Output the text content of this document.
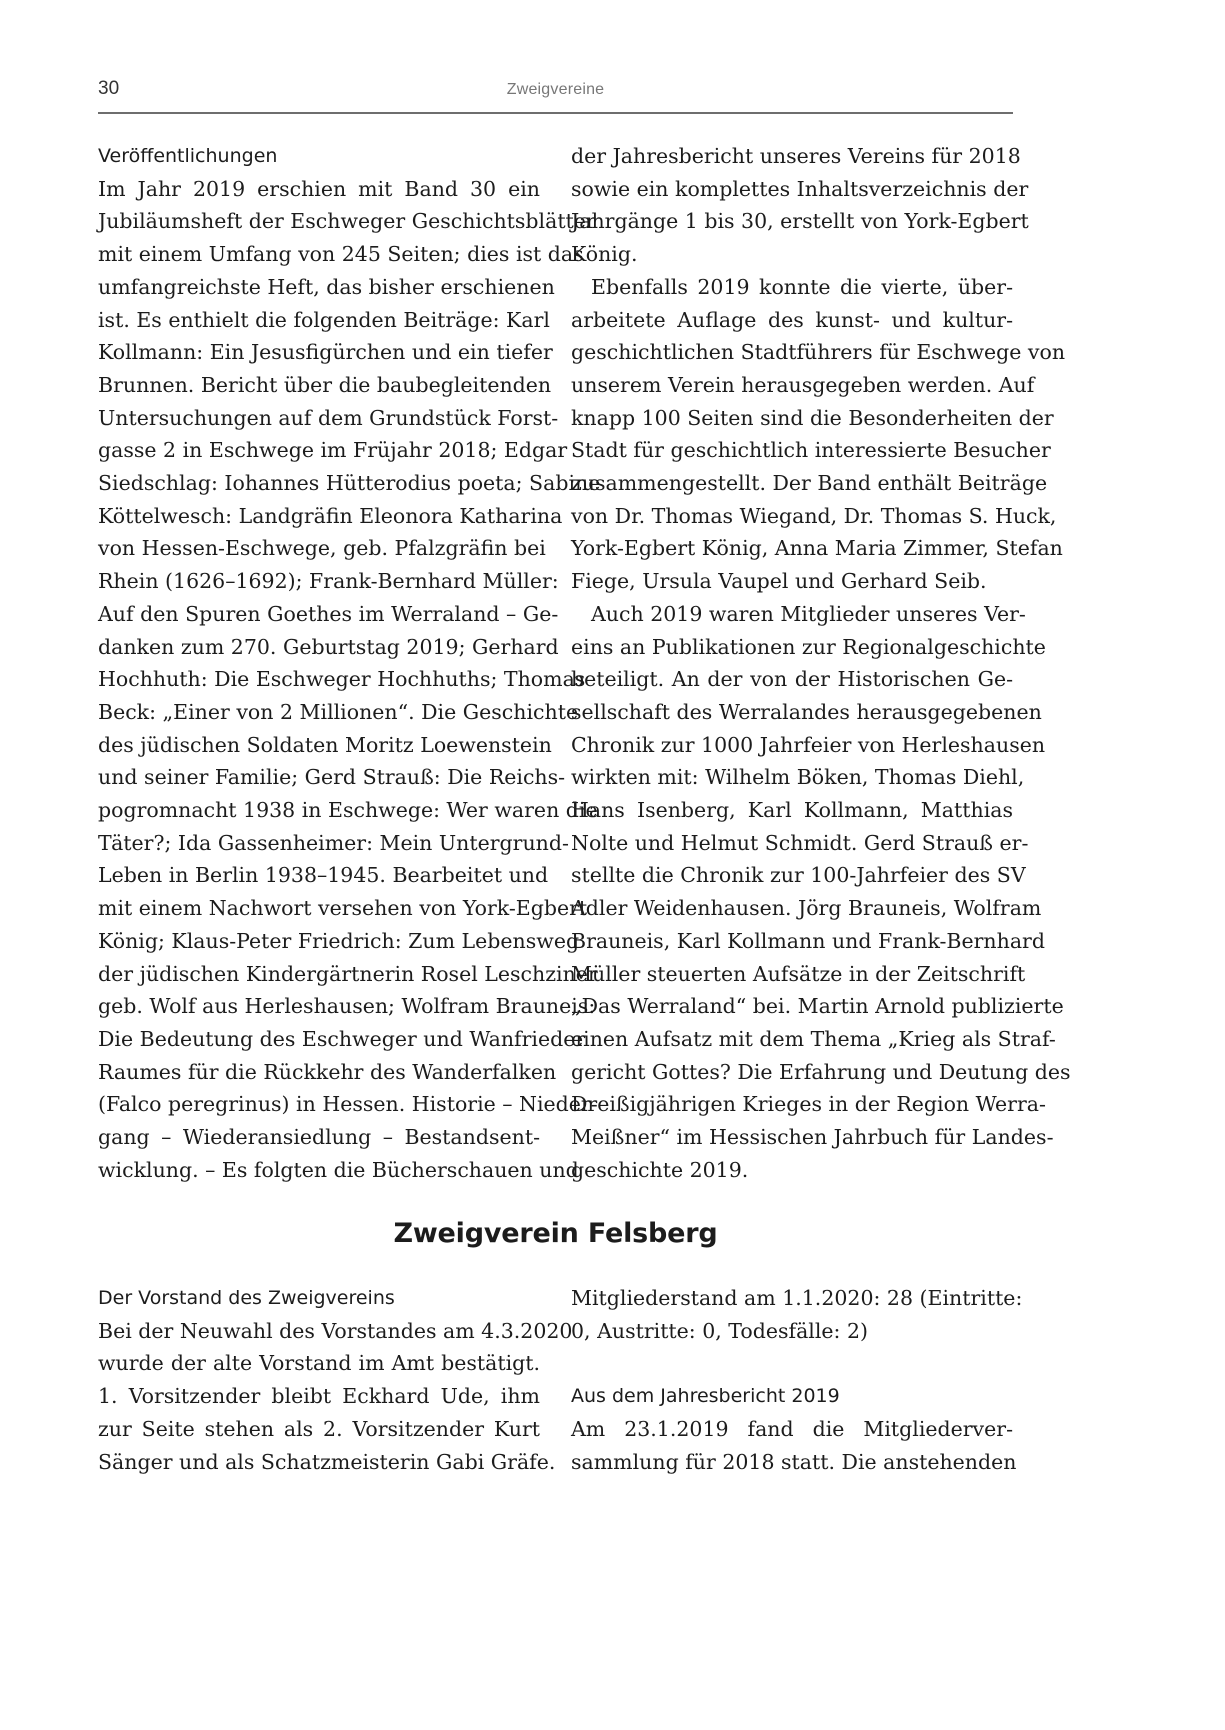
30	Zweigvereine
Veröffentlichungen
Im Jahr 2019 erschien mit Band 30 ein
Jubiläumsheft der Eschweger Geschichtsblätter
mit einem Umfang von 245 Seiten; dies ist das
umfangreichste Heft, das bisher erschienen
ist. Es enthielt die folgenden Beiträge: Karl
Kollmann: Ein Jesusfigürchen und ein tiefer
Brunnen. Bericht über die baubegleitenden
Untersuchungen auf dem Grundstück Forst-
gasse 2 in Eschwege im Früjahr 2018; Edgar
Siedschlag: Iohannes Hütterodius poeta; Sabine
Köttelwesch: Landgräfin Eleonora Katharina
von Hessen-Eschwege, geb. Pfalzgräfin bei
Rhein (1626–1692); Frank-Bernhard Müller:
Auf den Spuren Goethes im Werraland – Ge-
danken zum 270. Geburtstag 2019; Gerhard
Hochhuth: Die Eschweger Hochhuths; Thomas
Beck: „Einer von 2 Millionen“. Die Geschichte
des jüdischen Soldaten Moritz Loewenstein
und seiner Familie; Gerd Strauß: Die Reichs-
pogromnacht 1938 in Eschwege: Wer waren die
Täter?; Ida Gassenheimer: Mein Untergrund-
Leben in Berlin 1938–1945. Bearbeitet und
mit einem Nachwort versehen von York-Egbert
König; Klaus-Peter Friedrich: Zum Lebensweg
der jüdischen Kindergärtnerin Rosel Leschziner
geb. Wolf aus Herleshausen; Wolfram Brauneis:
Die Bedeutung des Eschweger und Wanfrieder
Raumes für die Rückkehr des Wanderfalken
(Falco peregrinus) in Hessen. Historie – Nieder-
gang – Wiederansiedlung – Bestandsent-
wicklung. – Es folgten die Bücherschauen und
der Jahresbericht unseres Vereins für 2018
sowie ein komplettes Inhaltsverzeichnis der
Jahrgänge 1 bis 30, erstellt von York-Egbert
König.
Ebenfalls 2019 konnte die vierte, über-
arbeitete Auflage des kunst- und kultur-
geschichtlichen Stadtführers für Eschwege von
unserem Verein herausgegeben werden. Auf
knapp 100 Seiten sind die Besonderheiten der
Stadt für geschichtlich interessierte Besucher
zusammengestellt. Der Band enthält Beiträge
von Dr. Thomas Wiegand, Dr. Thomas S. Huck,
York-Egbert König, Anna Maria Zimmer, Stefan
Fiege, Ursula Vaupel und Gerhard Seib.
Auch 2019 waren Mitglieder unseres Ver-
eins an Publikationen zur Regionalgeschichte
beteiligt. An der von der Historischen Ge-
sellschaft des Werralandes herausgegebenen
Chronik zur 1000 Jahrfeier von Herleshausen
wirkten mit: Wilhelm Böken, Thomas Diehl,
Hans Isenberg, Karl Kollmann, Matthias
Nolte und Helmut Schmidt. Gerd Strauß er-
stellte die Chronik zur 100-Jahrfeier des SV
Adler Weidenhausen. Jörg Brauneis, Wolfram
Brauneis, Karl Kollmann und Frank-Bernhard
Müller steuerten Aufsätze in der Zeitschrift
„Das Werraland“ bei. Martin Arnold publizierte
einen Aufsatz mit dem Thema „Krieg als Straf-
gericht Gottes? Die Erfahrung und Deutung des
Dreißigjährigen Krieges in der Region Werra-
Meißner“ im Hessischen Jahrbuch für Landes-
geschichte 2019.
Zweigverein Felsberg
Der Vorstand des Zweigvereins
Bei der Neuwahl des Vorstandes am 4.3.2020
wurde der alte Vorstand im Amt bestätigt.
1. Vorsitzender bleibt Eckhard Ude, ihm
zur Seite stehen als 2. Vorsitzender Kurt
Sänger und als Schatzmeisterin Gabi Gräfe.
Mitgliederstand am 1.1.2020: 28 (Eintritte:
0, Austritte: 0, Todesfälle: 2)
Aus dem Jahresbericht 2019
Am 23.1.2019 fand die Mitgliederver-
sammlung für 2018 statt. Die anstehenden
